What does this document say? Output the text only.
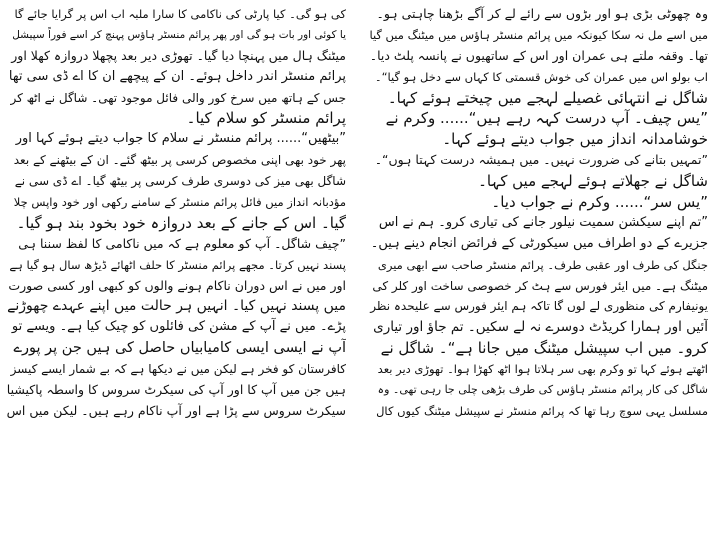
وہ چھوٹی بڑی ہو اور بڑوں سے رائے لے کر آگے بڑھنا چاہتی ہو۔
میں اسے مل نہ سکا کیونکہ میں پرائم منسٹر ہاؤس میں میٹنگ میں گیا
تھا۔ وقفہ ملتے ہی عمران اور اس کے ساتھیوں نے پانسہ پلٹ دیا۔
اب بولو اس میں عمران کی خوش قسمتی کا کہاں سے دخل ہو گیا“۔
شاگل نے انتہائی غصیلے لہجے میں چیختے ہوئے کہا۔
”یس چیف۔ آپ درست کہہ رہے ہیں“...... وکرم نے
خوشامدانہ انداز میں جواب دیتے ہوئے کہا۔
”تمہیں بتانے کی ضرورت نہیں۔ میں ہمیشہ درست کہتا ہوں“۔
شاگل نے جھلاتے ہوئے لہجے میں کہا۔
”یس سر“...... وکرم نے جواب دیا۔
”تم اپنے سیکشن سمیت نیلور جانے کی تیاری کرو۔ ہم نے اس
جزیرے کے دو اطراف میں سیکورٹی کے فرائض انجام دینے ہیں۔
جنگل کی طرف اور عقبی طرف۔ پرائم منسٹر صاحب سے ابھی میری
میٹنگ ہے۔ میں ایئر فورس سے ہٹ کر خصوصی ساخت اور کلر کی
یونیفارم کی منظوری لے لوں گا تاکہ ہم ایئر فورس سے علیحدہ نظر
آئیں اور ہمارا کریڈٹ دوسرے نہ لے سکیں۔ تم جاؤ اور تیاری
کرو۔ میں اب سپیشل میٹنگ میں جانا ہے“۔ شاگل نے
اٹھتے ہوئے کہا تو وکرم بھی سر ہلاتا ہوا اٹھ کھڑا ہوا۔ تھوڑی دیر بعد
شاگل کی کار پرائم منسٹر ہاؤس کی طرف بڑھی چلی جا رہی تھی۔ وہ
مسلسل یہی سوچ رہا تھا کہ پرائم منسٹر نے سپیشل میٹنگ کیوں کال
کی ہو گی۔ کیا پارٹی کی ناکامی کا سارا ملبہ اب اس پر گرایا جائے گا
یا کوئی اور بات ہو گی اور پھر پرائم منسٹر ہاؤس پہنچ کر اسے فوراً سپیشل
میٹنگ ہال میں پہنچا دیا گیا۔ تھوڑی دیر بعد پچھلا دروازہ کھلا اور
پرائم منسٹر اندر داخل ہوئے۔ ان کے پیچھے ان کا اے ڈی سی تھا
جس کے ہاتھ میں سرخ کور والی فائل موجود تھی۔ شاگل نے اٹھ کر
پرائم منسٹر کو سلام کیا۔
”بیٹھیں“...... پرائم منسٹر نے سلام کا جواب دیتے ہوئے کہا اور
پھر خود بھی اپنی مخصوص کرسی پر بیٹھ گئے۔ ان کے بیٹھنے کے بعد
شاگل بھی میز کی دوسری طرف کرسی پر بیٹھ گیا۔ اے ڈی سی نے
مؤدبانہ انداز میں فائل پرائم منسٹر کے سامنے رکھی اور خود واپس چلا
گیا۔ اس کے جانے کے بعد دروازہ خود بخود بند ہو گیا۔
”چیف شاگل۔ آپ کو معلوم ہے کہ میں ناکامی کا لفظ سننا ہی
پسند نہیں کرتا۔ مجھے پرائم منسٹر کا حلف اٹھائے ڈیڑھ سال ہو گیا ہے
اور میں نے اس دوران ناکام ہونے والوں کو کبھی اور کسی صورت
میں پسند نہیں کیا۔ انہیں ہر حالت میں اپنے عہدے چھوڑنے
پڑے۔ میں نے آپ کے مشن کی فائلوں کو چیک کیا ہے۔ ویسے تو
آپ نے ایسی ایسی کامیابیاں حاصل کی ہیں جن پر پورے
کافرستان کو فخر ہے لیکن میں نے دیکھا ہے کہ بے شمار ایسے کیسز
ہیں جن میں آپ کا اور آپ کی سیکرٹ سروس کا واسطہ پاکیشیا
سیکرٹ سروس سے پڑا ہے اور آپ ناکام رہے ہیں۔ لیکن میں اس
